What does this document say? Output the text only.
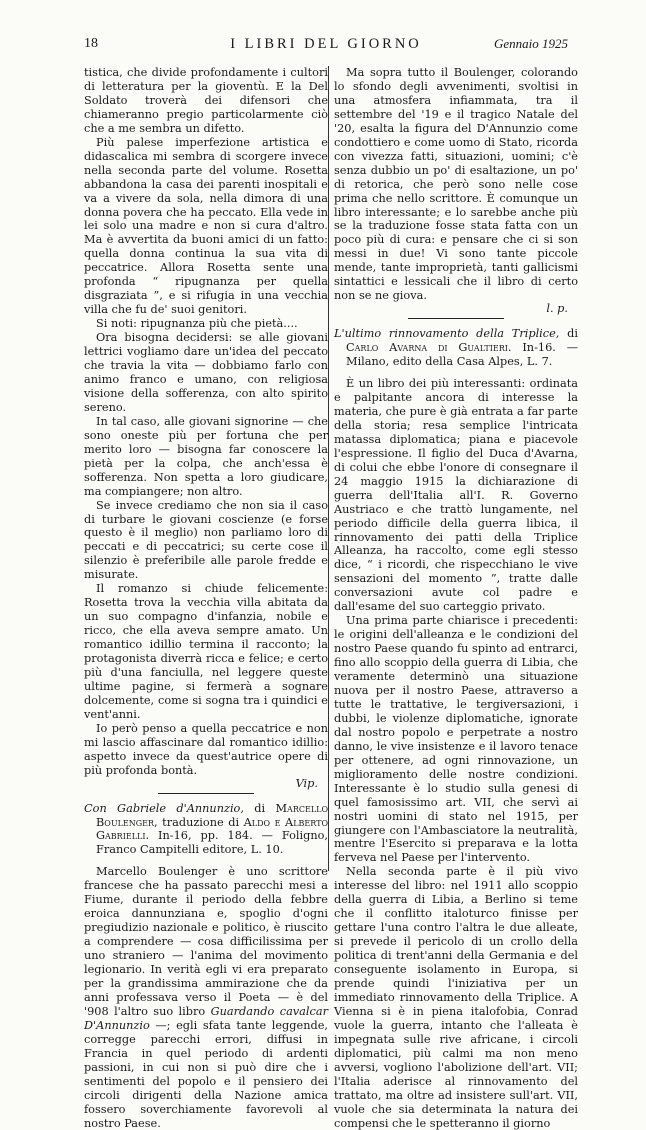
18	I LIBRI DEL GIORNO	Gennaio 1925

tistica, che divide profondamente i cultori di letteratura per la gioventù. E la Del Soldato troverà dei difensori che chiameranno pregio particolarmente ciò che a me sembra un difetto.

Più palese imperfezione artistica e didascalica mi sembra di scorgere invece nella seconda parte del volume. Rosetta abbandona la casa dei parenti inospitali e va a vivere da sola, nella dimora di una donna povera che ha peccato. Ella vede in lei solo una madre e non si cura d'altro. Ma è avvertita da buoni amici di un fatto: quella donna continua la sua vita di peccatrice. Allora Rosetta sente una profonda “ ripugnanza per quella disgraziata ”, e si rifugia in una vecchia villa che fu de' suoi genitori.

Si noti: ripugnanza più che pietà....

Ora bisogna decidersi: se alle giovani lettrici vogliamo dare un'idea del peccato che travia la vita — dobbiamo farlo con animo franco e umano, con religiosa visione della sofferenza, con alto spirito sereno.

In tal caso, alle giovani signorine — che sono oneste più per fortuna che per merito loro — bisogna far conoscere la pietà per la colpa, che anch'essa è sofferenza. Non spetta a loro giudicare, ma compiangere; non altro.

Se invece crediamo che non sia il caso di turbare le giovani coscienze (e forse questo è il meglio) non parliamo loro di peccati e di peccatrici; su certe cose il silenzio è preferibile alle parole fredde e misurate.

Il romanzo si chiude felicemente: Rosetta trova la vecchia villa abitata da un suo compagno d'infanzia, nobile e ricco, che ella aveva sempre amato. Un romantico idillio termina il racconto; la protagonista diverrà ricca e felice; e certo più d'una fanciulla, nel leggere queste ultime pagine, si fermerà a sognare dolcemente, come si sogna tra i quindici e vent'anni.

Io però penso a quella peccatrice e non mi lascio affascinare dal romantico idillio: aspetto invece da quest'autrice opere di più profonda bontà.

Vip.

Con Gabriele d'Annunzio, di Marcello Boulenger, traduzione di Aldo e Alberto Gabrielli. In-16, pp. 184. — Foligno, Franco Campitelli editore, L. 10.

Marcello Boulenger è uno scrittore francese che ha passato parecchi mesi a Fiume, durante il periodo della febbre eroica dannunziana e, spoglio d'ogni pregiudizio nazionale e politico, è riuscito a comprendere — cosa difficilissima per uno straniero — l'anima del movimento legionario. In verità egli vi era preparato per la grandissima ammirazione che da anni professava verso il Poeta — è del '908 l'altro suo libro Guardando cavalcar D'Annunzio —; egli sfata tante leggende, corregge parecchi errori, diffusi in Francia in quel periodo di ardenti passioni, in cui non si può dire che i sentimenti del popolo e il pensiero dei circoli dirigenti della Nazione amica fossero soverchiamente favorevoli al nostro Paese.

Ma sopra tutto il Boulenger, colorando lo sfondo degli avvenimenti, svoltisi in una atmosfera infiammata, tra il settembre del '19 e il tragico Natale del '20, esalta la figura del D'Annunzio come condottiero e come uomo di Stato, ricorda con vivezza fatti, situazioni, uomini; c'è senza dubbio un po' di esaltazione, un po' di retorica, che però sono nelle cose prima che nello scrittore. È comunque un libro interessante; e lo sarebbe anche più se la traduzione fosse stata fatta con un poco più di cura: e pensare che ci si son messi in due! Vi sono tante piccole mende, tante improprietà, tanti gallicismi sintattici e lessicali che il libro di certo non se ne giova.

l. p.

L'ultimo rinnovamento della Triplice, di Carlo Avarna di Gualtieri. In-16. — Milano, edito della Casa Alpes, L. 7.

È un libro dei più interessanti: ordinata e palpitante ancora di interesse la materia, che pure è già entrata a far parte della storia; resa semplice l'intricata matassa diplomatica; piana e piacevole l'espressione. Il figlio del Duca d'Avarna, di colui che ebbe l'onore di consegnare il 24 maggio 1915 la dichiarazione di guerra dell'Italia all'I. R. Governo Austriaco e che trattò lungamente, nel periodo difficile della guerra libica, il rinnovamento dei patti della Triplice Alleanza, ha raccolto, come egli stesso dice, “ i ricordi, che rispecchiano le vive sensazioni del momento ”, tratte dalle conversazioni avute col padre e dall'esame del suo carteggio privato.

Una prima parte chiarisce i precedenti: le origini dell'alleanza e le condizioni del nostro Paese quando fu spinto ad entrarci, fino allo scoppio della guerra di Libia, che veramente determinò una situazione nuova per il nostro Paese, attraverso a tutte le trattative, le tergiversazioni, i dubbi, le violenze diplomatiche, ignorate dal nostro popolo e perpetrate a nostro danno, le vive insistenze e il lavoro tenace per ottenere, ad ogni rinnovazione, un miglioramento delle nostre condizioni. Interessante è lo studio sulla genesi di quel famosissimo art. VII, che servì ai nostri uomini di stato nel 1915, per giungere con l'Ambasciatore la neutralità, mentre l'Esercito si preparava e la lotta ferveva nel Paese per l'intervento.

Nella seconda parte è il più vivo interesse del libro: nel 1911 allo scoppio della guerra di Libia, a Berlino si teme che il conflitto italoturco finisse per gettare l'una contro l'altra le due alleate, si prevede il pericolo di un crollo della politica di trent'anni della Germania e del conseguente isolamento in Europa, si prende quindi l'iniziativa per un immediato rinnovamento della Triplice. A Vienna si è in piena italofobia, Conrad vuole la guerra, intanto che l'alleata è impegnata sulle rive africane, i circoli diplomatici, più calmi ma non meno avversi, vogliono l'abolizione dell'art. VII; l'Italia aderisce al rinnovamento del trattato, ma oltre ad insistere sull'art. VII, vuole che sia determinata la natura dei compensi che le spetteranno il giorno
